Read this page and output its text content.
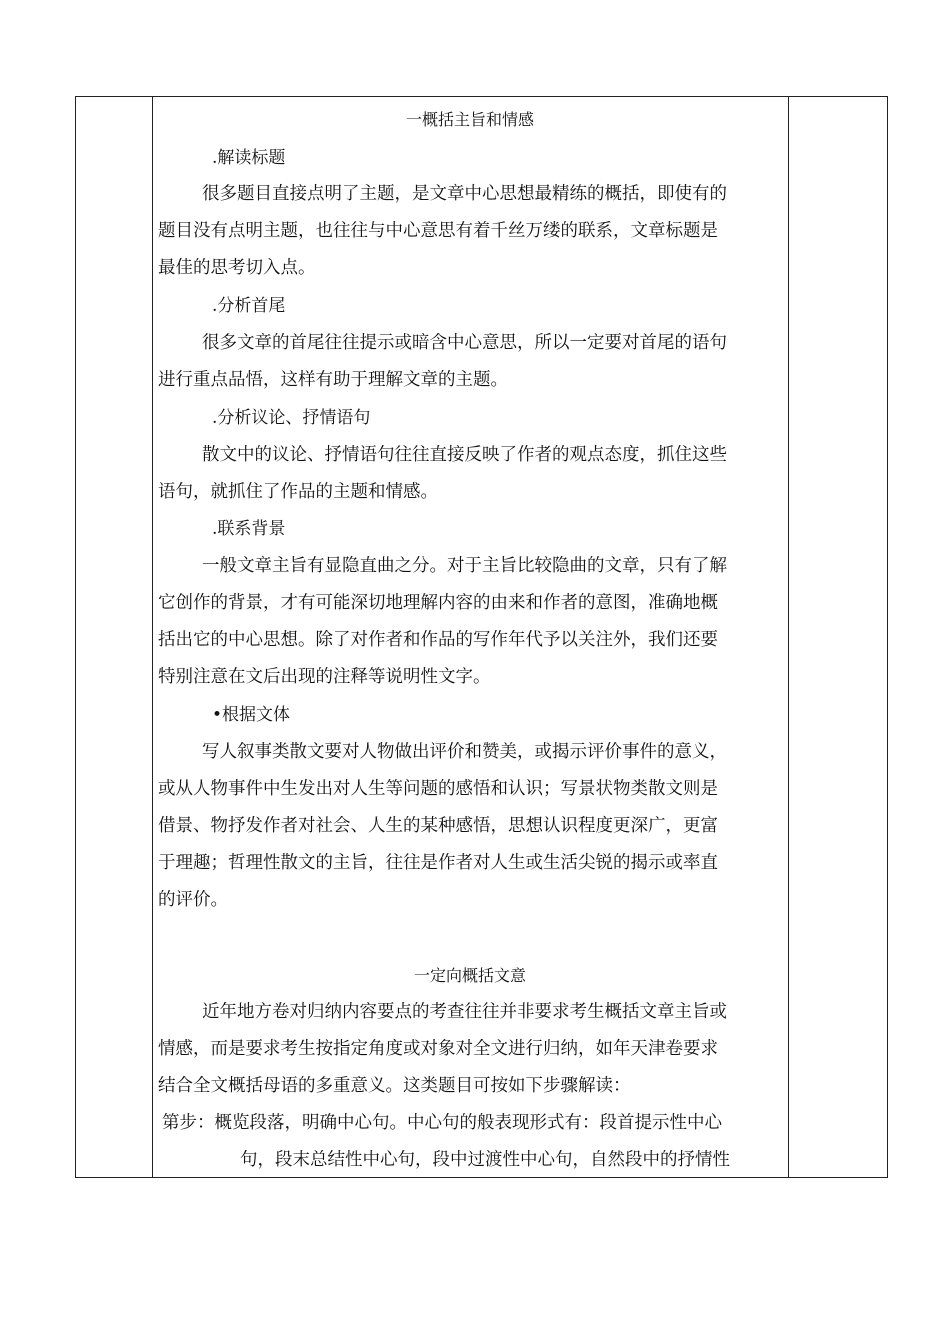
一概括主旨和情感
.解读标题
很多题目直接点明了主题，是文章中心思想最精练的概括，即使有的
题目没有点明主题，也往往与中心意思有着千丝万缕的联系，文章标题是
最佳的思考切入点。
.分析首尾
很多文章的首尾往往提示或暗含中心意思，所以一定要对首尾的语句
进行重点品悟，这样有助于理解文章的主题。
.分析议论、抒情语句
散文中的议论、抒情语句往往直接反映了作者的观点态度，抓住这些
语句，就抓住了作品的主题和情感。
.联系背景
一般文章主旨有显隐直曲之分。对于主旨比较隐曲的文章，只有了解
它创作的背景，才有可能深切地理解内容的由来和作者的意图，准确地概
括出它的中心思想。除了对作者和作品的写作年代予以关注外，我们还要
特别注意在文后出现的注释等说明性文字。
•根据文体
写人叙事类散文要对人物做出评价和赞美，或揭示评价事件的意义，
或从人物事件中生发出对人生等问题的感悟和认识；写景状物类散文则是
借景、物抒发作者对社会、人生的某种感悟，思想认识程度更深广，更富
于理趣；哲理性散文的主旨，往往是作者对人生或生活尖锐的揭示或率直
的评价。
一定向概括文意
近年地方卷对归纳内容要点的考查往往并非要求考生概括文章主旨或
情感，而是要求考生按指定角度或对象对全文进行归纳，如年天津卷要求
结合全文概括母语的多重意义。这类题目可按如下步骤解读：
第步：概览段落，明确中心句。中心句的般表现形式有：段首提示性中心
句，段末总结性中心句，段中过渡性中心句，自然段中的抒情性
